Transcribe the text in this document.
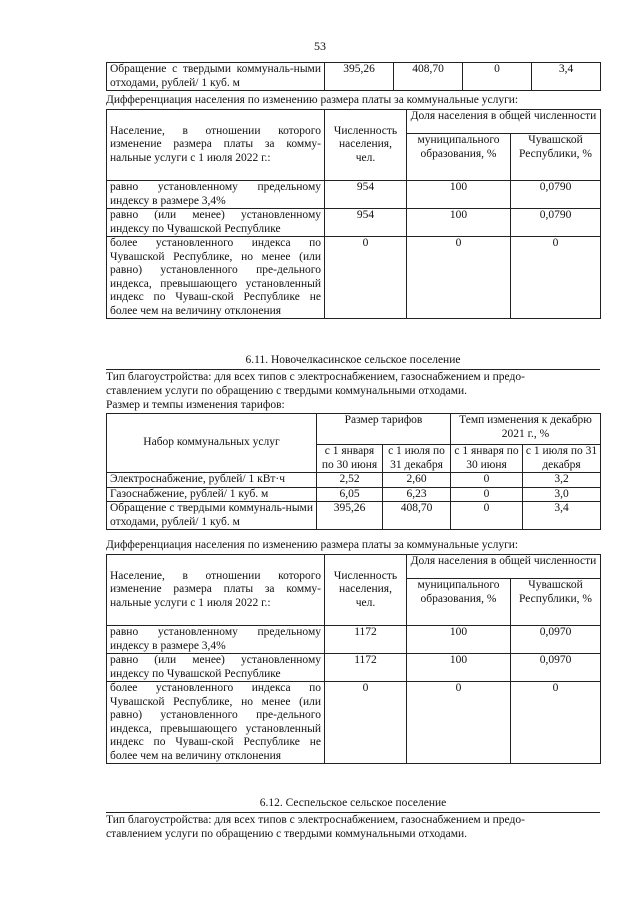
53
Обращение с твердыми коммуналь-ными отходами, рублей/ 1 куб. м	395,26	408,70	0	3,4
Дифференциация населения по изменению размера платы за коммунальные услуги:
Население, в отношении которого изменение размера платы за комму-нальные услуги с 1 июля 2022 г.:	Численность населения, чел.	Доля населения в общей численности	
		муниципального образования, %	Чувашской Республики, %
равно установленному предельному индексу в размере 3,4%	954	100	0,0790
равно (или менее) установленному индексу по Чувашской Республике	954	100	0,0790
более установленного индекса по Чувашской Республике, но менее (или равно) установленного пре-дельного индекса, превышающего установленный индекс по Чуваш-ской Республике не более чем на величину отклонения	0	0	0
6.11. Новочелкасинское сельское поселение
Тип благоустройства: для всех типов с электроснабжением, газоснабжением и предо-
ставлением услуги по обращению с твердыми коммунальными отходами.
Размер и темпы изменения тарифов:
Набор коммунальных услуг	Размер тарифов		Темп изменения к декабрю 2021 г., %	
	с 1 января по 30 июня	с 1 июля по 31 декабря	с 1 января по 30 июня	с 1 июля по 31 декабря
Электроснабжение, рублей/ 1 кВт·ч	2,52	2,60	0	3,2
Газоснабжение, рублей/ 1 куб. м	6,05	6,23	0	3,0
Обращение с твердыми коммуналь-ными отходами, рублей/ 1 куб. м	395,26	408,70	0	3,4
Дифференциация населения по изменению размера платы за коммунальные услуги:
Население, в отношении которого изменение размера платы за комму-нальные услуги с 1 июля 2022 г.:	Численность населения, чел.	Доля населения в общей численности	
		муниципального образования, %	Чувашской Республики, %
равно установленному предельному индексу в размере 3,4%	1172	100	0,0970
равно (или менее) установленному индексу по Чувашской Республике	1172	100	0,0970
более установленного индекса по Чувашской Республике, но менее (или равно) установленного пре-дельного индекса, превышающего установленный индекс по Чуваш-ской Республике не более чем на величину отклонения	0	0	0
6.12. Сеспельское сельское поселение
Тип благоустройства: для всех типов с электроснабжением, газоснабжением и предо-
ставлением услуги по обращению с твердыми коммунальными отходами.
